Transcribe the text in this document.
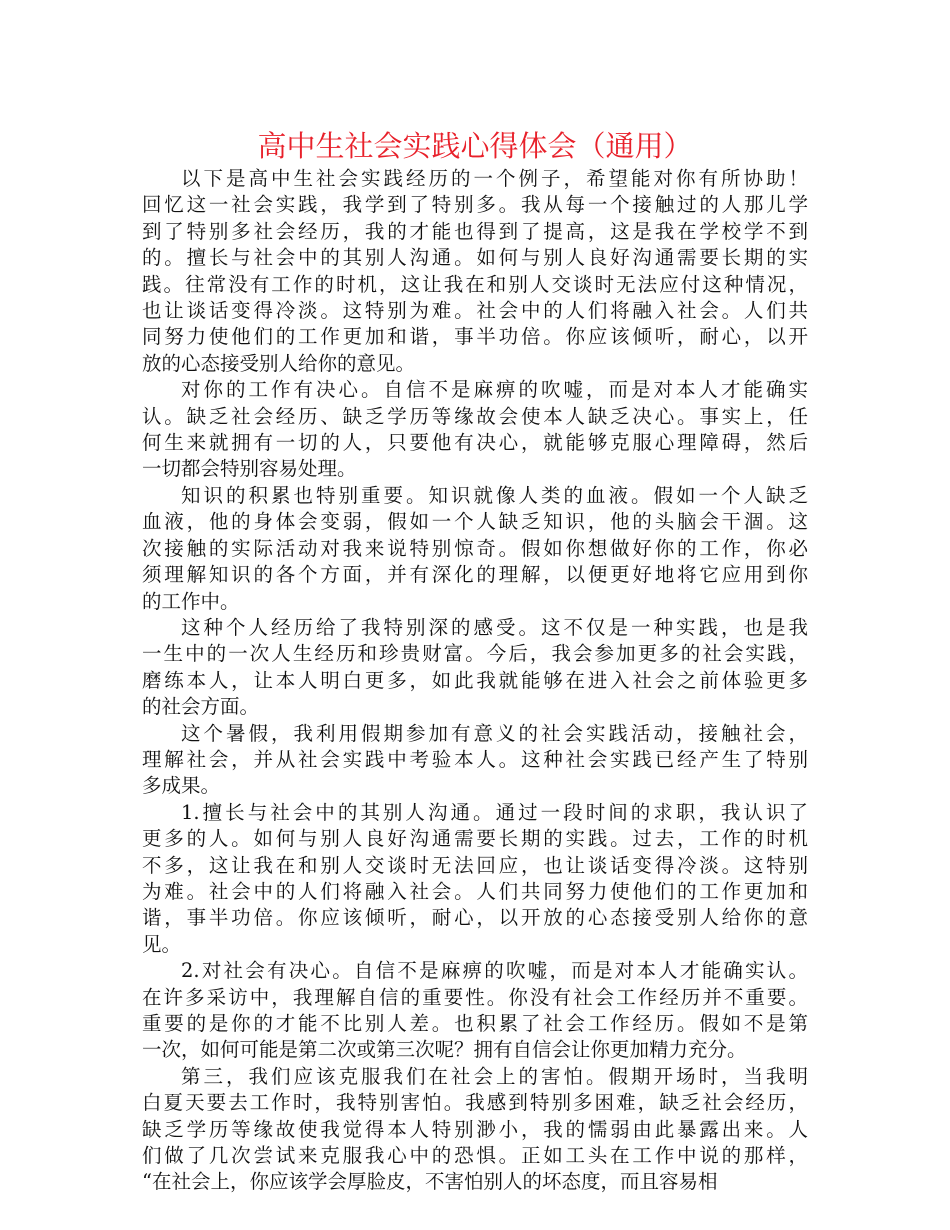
高中生社会实践心得体会（通用）
以下是高中生社会实践经历的一个例子，希望能对你有所协助！
回忆这一社会实践，我学到了特别多。我从每一个接触过的人那儿学
到了特别多社会经历，我的才能也得到了提高，这是我在学校学不到
的。擅长与社会中的其别人沟通。如何与别人良好沟通需要长期的实
践。往常没有工作的时机，这让我在和别人交谈时无法应付这种情况，
也让谈话变得冷淡。这特别为难。社会中的人们将融入社会。人们共
同努力使他们的工作更加和谐，事半功倍。你应该倾听，耐心，以开
放的心态接受别人给你的意见。
对你的工作有决心。自信不是麻痹的吹嘘，而是对本人才能确实
认。缺乏社会经历、缺乏学历等缘故会使本人缺乏决心。事实上，任
何生来就拥有一切的人，只要他有决心，就能够克服心理障碍，然后
一切都会特别容易处理。
知识的积累也特别重要。知识就像人类的血液。假如一个人缺乏
血液，他的身体会变弱，假如一个人缺乏知识，他的头脑会干涸。这
次接触的实际活动对我来说特别惊奇。假如你想做好你的工作，你必
须理解知识的各个方面，并有深化的理解，以便更好地将它应用到你
的工作中。
这种个人经历给了我特别深的感受。这不仅是一种实践，也是我
一生中的一次人生经历和珍贵财富。今后，我会参加更多的社会实践，
磨练本人，让本人明白更多，如此我就能够在进入社会之前体验更多
的社会方面。
这个暑假，我利用假期参加有意义的社会实践活动，接触社会，
理解社会，并从社会实践中考验本人。这种社会实践已经产生了特别
多成果。
1.擅长与社会中的其别人沟通。通过一段时间的求职，我认识了
更多的人。如何与别人良好沟通需要长期的实践。过去，工作的时机
不多，这让我在和别人交谈时无法回应，也让谈话变得冷淡。这特别
为难。社会中的人们将融入社会。人们共同努力使他们的工作更加和
谐，事半功倍。你应该倾听，耐心，以开放的心态接受别人给你的意
见。
2.对社会有决心。自信不是麻痹的吹嘘，而是对本人才能确实认。
在许多采访中，我理解自信的重要性。你没有社会工作经历并不重要。
重要的是你的才能不比别人差。也积累了社会工作经历。假如不是第
一次，如何可能是第二次或第三次呢？拥有自信会让你更加精力充分。
第三，我们应该克服我们在社会上的害怕。假期开场时，当我明
白夏天要去工作时，我特别害怕。我感到特别多困难，缺乏社会经历，
缺乏学历等缘故使我觉得本人特别渺小，我的懦弱由此暴露出来。人
们做了几次尝试来克服我心中的恐惧。正如工头在工作中说的那样，
“在社会上，你应该学会厚脸皮，不害怕别人的坏态度，而且容易相
